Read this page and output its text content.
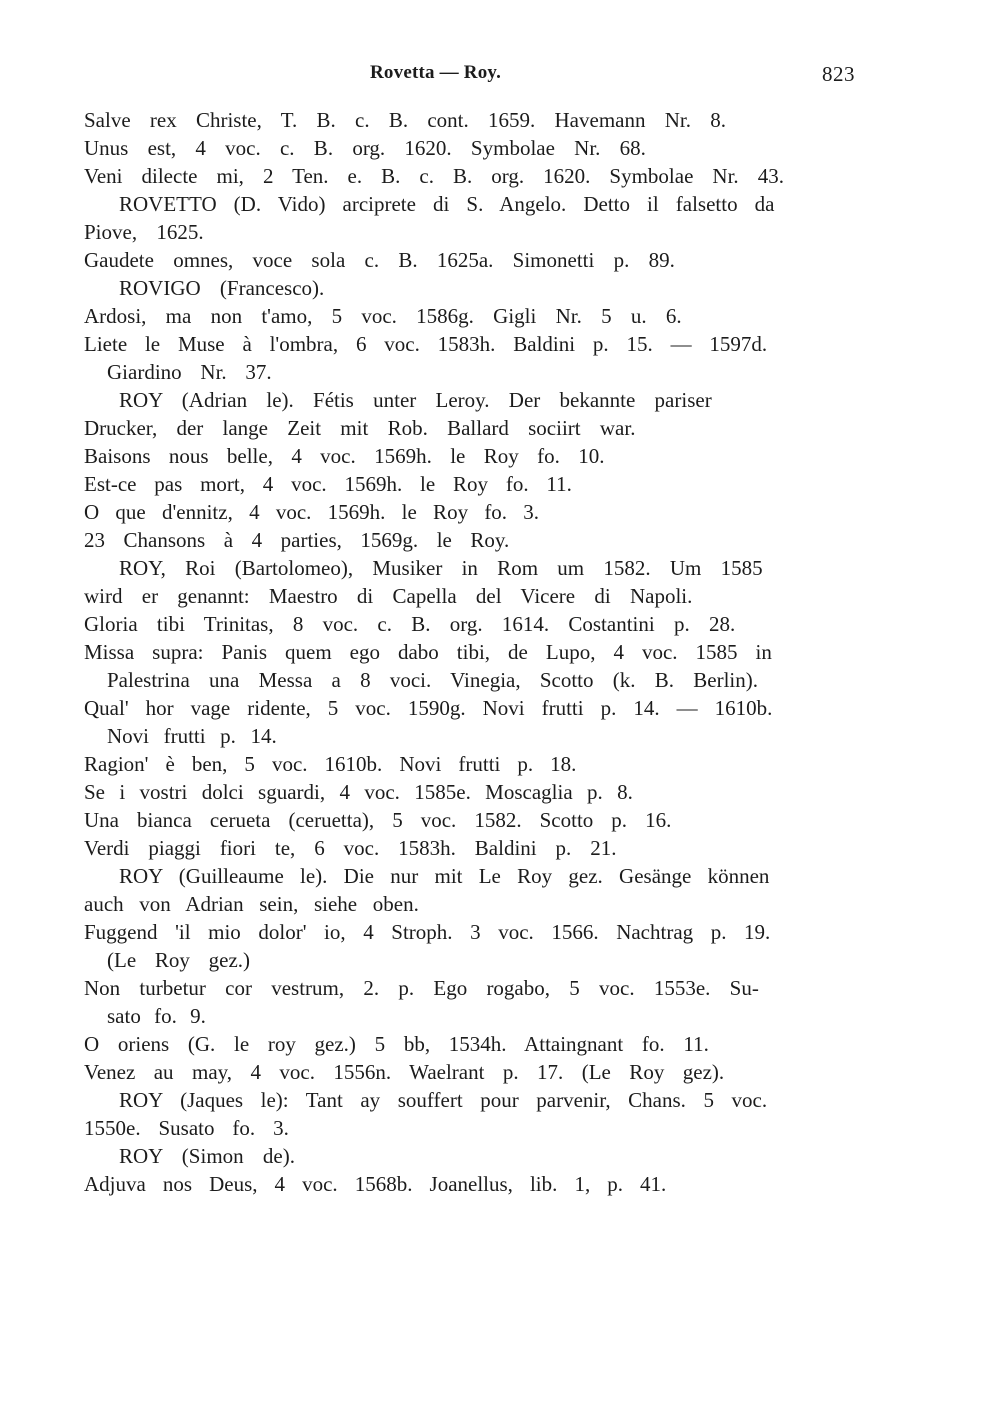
Rovetta — Roy.	823
Salve rex Christe, T. B. c. B. cont. 1659. Havemann Nr. 8.
Unus est, 4 voc. c. B. org. 1620. Symbolae Nr. 68.
Veni dilecte mi, 2 Ten. e. B. c. B. org. 1620. Symbolae Nr. 43.
ROVETTO (D. Vido) arciprete di S. Angelo. Detto il falsetto da
Piove, 1625.
Gaudete omnes, voce sola c. B. 1625a. Simonetti p. 89.
ROVIGO (Francesco).
Ardosi, ma non t'amo, 5 voc. 1586g. Gigli Nr. 5 u. 6.
Liete le Muse à l'ombra, 6 voc. 1583h. Baldini p. 15. — 1597d.
Giardino Nr. 37.
ROY (Adrian le). Fétis unter Leroy. Der bekannte pariser
Drucker, der lange Zeit mit Rob. Ballard sociirt war.
Baisons nous belle, 4 voc. 1569h. le Roy fo. 10.
Est-ce pas mort, 4 voc. 1569h. le Roy fo. 11.
O que d'ennitz, 4 voc. 1569h. le Roy fo. 3.
23 Chansons à 4 parties, 1569g. le Roy.
ROY, Roi (Bartolomeo), Musiker in Rom um 1582. Um 1585
wird er genannt: Maestro di Capella del Vicere di Napoli.
Gloria tibi Trinitas, 8 voc. c. B. org. 1614. Costantini p. 28.
Missa supra: Panis quem ego dabo tibi, de Lupo, 4 voc. 1585 in
Palestrina una Messa a 8 voci. Vinegia, Scotto (k. B. Berlin).
Qual' hor vage ridente, 5 voc. 1590g. Novi frutti p. 14. — 1610b.
Novi frutti p. 14.
Ragion' è ben, 5 voc. 1610b. Novi frutti p. 18.
Se i vostri dolci sguardi, 4 voc. 1585e. Moscaglia p. 8.
Una bianca cerueta (ceruetta), 5 voc. 1582. Scotto p. 16.
Verdi piaggi fiori te, 6 voc. 1583h. Baldini p. 21.
ROY (Guilleaume le). Die nur mit Le Roy gez. Gesänge können
auch von Adrian sein, siehe oben.
Fuggend 'il mio dolor' io, 4 Stroph. 3 voc. 1566. Nachtrag p. 19.
(Le Roy gez.)
Non turbetur cor vestrum, 2. p. Ego rogabo, 5 voc. 1553e. Su-
sato fo. 9.
O oriens (G. le roy gez.) 5 bb, 1534h. Attaingnant fo. 11.
Venez au may, 4 voc. 1556n. Waelrant p. 17. (Le Roy gez).
ROY (Jaques le): Tant ay souffert pour parvenir, Chans. 5 voc.
1550e. Susato fo. 3.
ROY (Simon de).
Adjuva nos Deus, 4 voc. 1568b. Joanellus, lib. 1, p. 41.
